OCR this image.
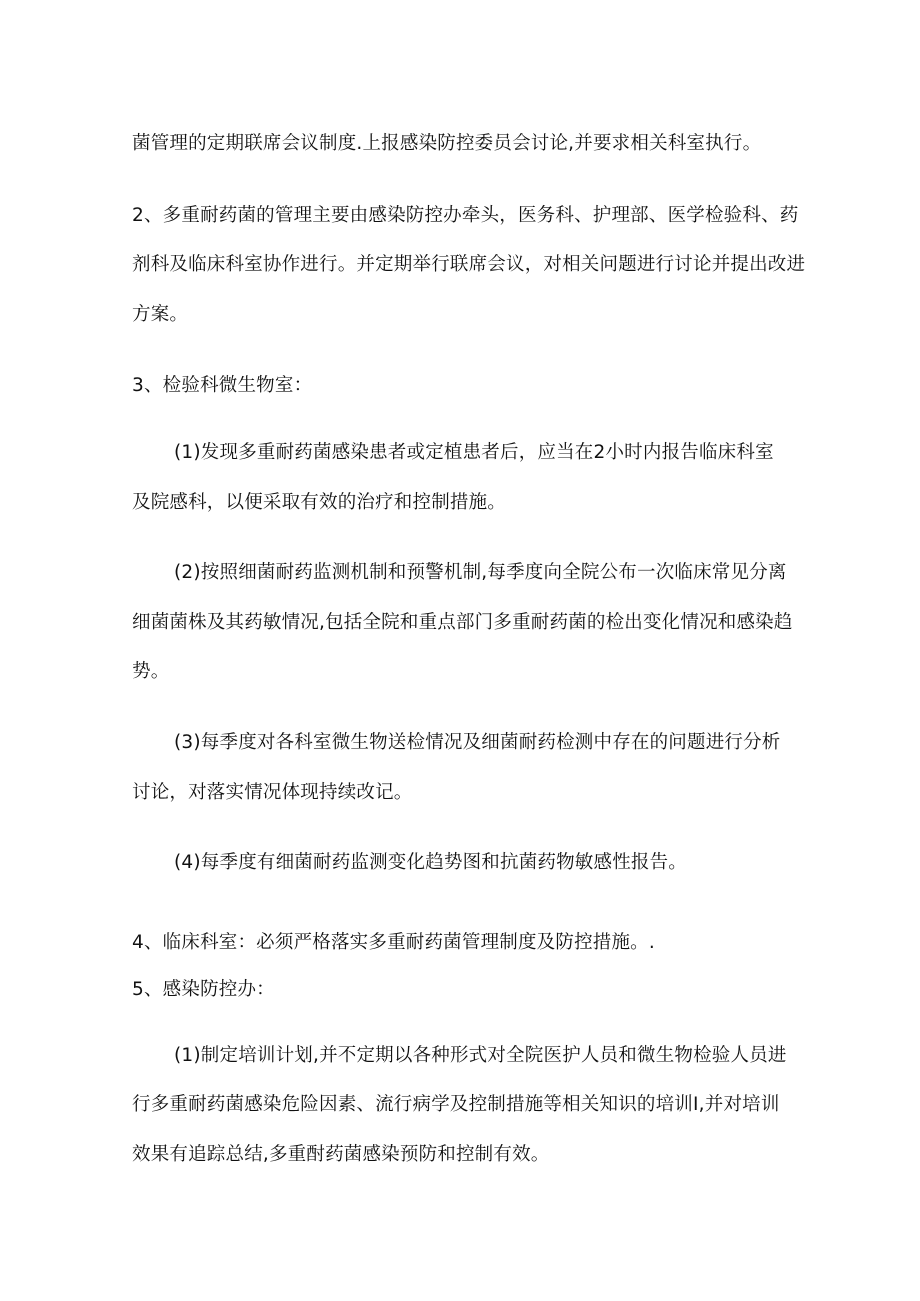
菌管理的定期联席会议制度.上报感染防控委员会讨论,并要求相关科室执行。
2、多重耐药菌的管理主要由感染防控办牵头，医务科、护理部、医学检验科、药
剂科及临床科室协作进行。并定期举行联席会议，对相关问题进行讨论并提出改进
方案。
3、检验科微生物室：
(1)发现多重耐药菌感染患者或定植患者后，应当在2小时内报告临床科室
及院感科，以便采取有效的治疗和控制措施。
(2)按照细菌耐药监测机制和预警机制,每季度向全院公布一次临床常见分离
细菌菌株及其药敏情况,包括全院和重点部门多重耐药菌的检出变化情况和感染趋
势。
(3)每季度对各科室微生物送检情况及细菌耐药检测中存在的问题进行分析
讨论，对落实情况体现持续改记。
(4)每季度有细菌耐药监测变化趋势图和抗菌药物敏感性报告。
4、临床科室：必须严格落实多重耐药菌管理制度及防控措施。.
5、感染防控办：
(1)制定培训计划,并不定期以各种形式对全院医护人员和微生物检验人员进
行多重耐药菌感染危险因素、流行病学及控制措施等相关知识的培训Ⅰ,并对培训
效果有追踪总结,多重酎药菌感染预防和控制有效。
